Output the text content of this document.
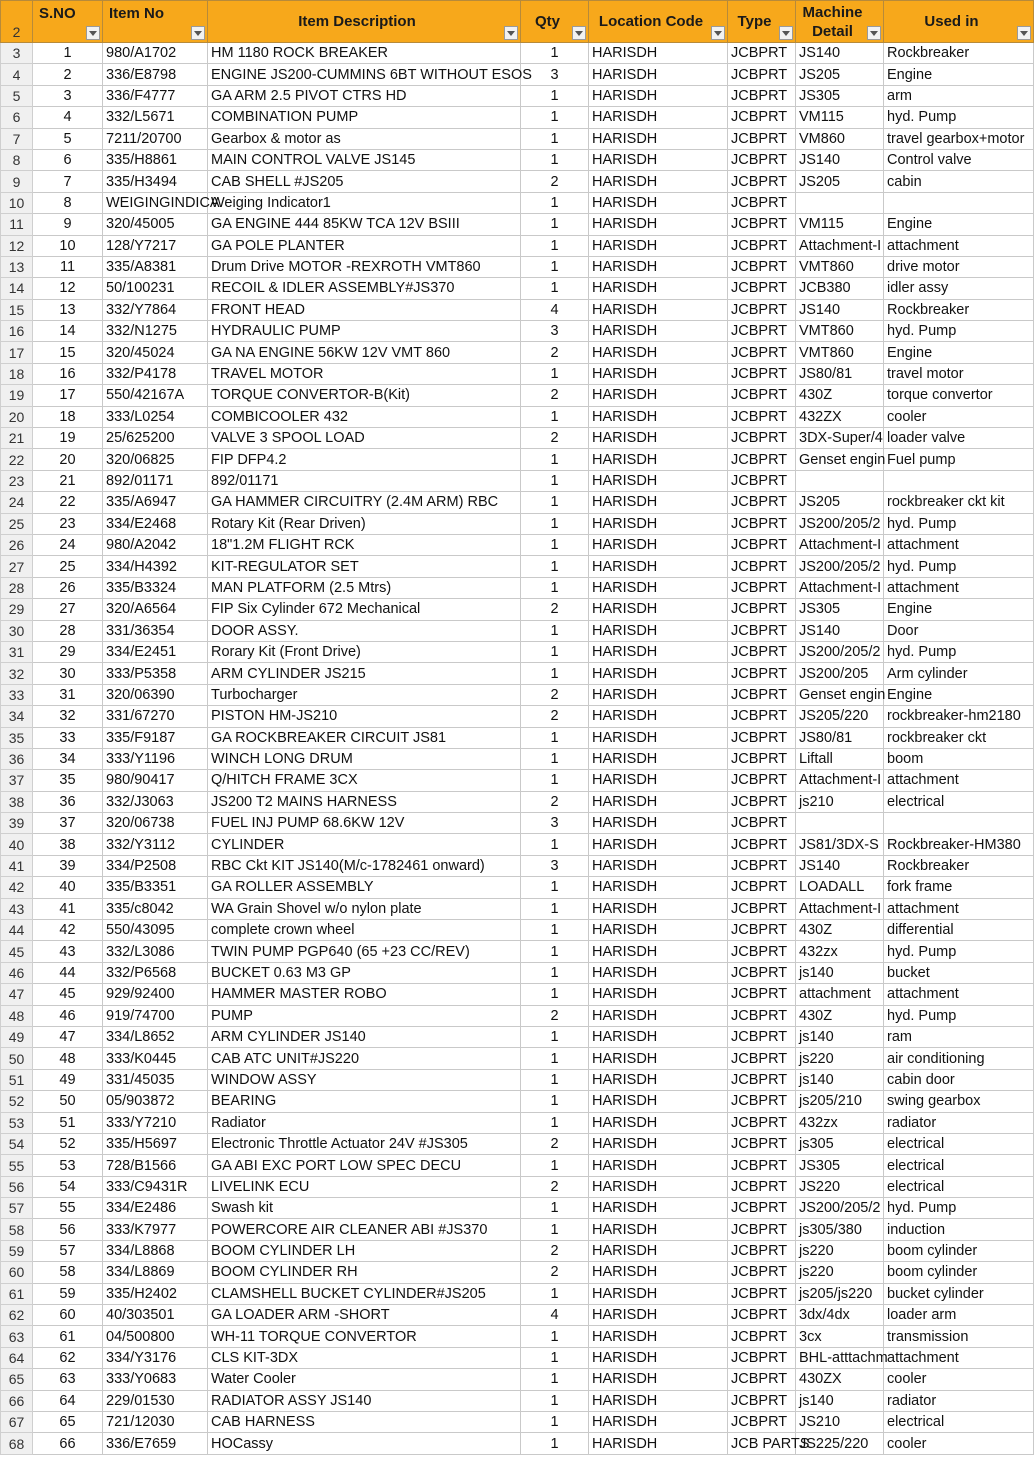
2	S.NO	Item No	Item Description	Qty	Location Code	Type	Machine Detail	Used in

3	1	980/A1702	HM 1180 ROCK BREAKER	1	HARISDH	JCBPRT	JS140	Rockbreaker
4	2	336/E8798	ENGINE JS200-CUMMINS 6BT WITHOUT ESOS	3	HARISDH	JCBPRT	JS205	Engine
5	3	336/F4777	GA ARM 2.5 PIVOT CTRS HD	1	HARISDH	JCBPRT	JS305	arm
6	4	332/L5671	COMBINATION PUMP	1	HARISDH	JCBPRT	VM115	hyd. Pump
7	5	7211/20700	Gearbox & motor as	1	HARISDH	JCBPRT	VM860	travel gearbox+motor
8	6	335/H8861	MAIN CONTROL VALVE JS145	1	HARISDH	JCBPRT	JS140	Control valve
9	7	335/H3494	CAB SHELL #JS205	2	HARISDH	JCBPRT	JS205	cabin
10	8	WEIGINGINDICA	Weiging Indicator1	1	HARISDH	JCBPRT		
11	9	320/45005	GA ENGINE 444 85KW TCA 12V BSIII	1	HARISDH	JCBPRT	VM115	Engine
12	10	128/Y7217	GA POLE PLANTER	1	HARISDH	JCBPRT	Attachment-I	attachment
13	11	335/A8381	Drum Drive MOTOR -REXROTH VMT860	1	HARISDH	JCBPRT	VMT860	drive motor
14	12	50/100231	RECOIL & IDLER ASSEMBLY#JS370	1	HARISDH	JCBPRT	JCB380	idler assy
15	13	332/Y7864	FRONT HEAD	4	HARISDH	JCBPRT	JS140	Rockbreaker
16	14	332/N1275	HYDRAULIC PUMP	3	HARISDH	JCBPRT	VMT860	hyd. Pump
17	15	320/45024	GA NA ENGINE 56KW 12V VMT 860	2	HARISDH	JCBPRT	VMT860	Engine
18	16	332/P4178	TRAVEL MOTOR	1	HARISDH	JCBPRT	JS80/81	travel motor
19	17	550/42167A	TORQUE CONVERTOR-B(Kit)	2	HARISDH	JCBPRT	430Z	torque convertor
20	18	333/L0254	COMBICOOLER 432	1	HARISDH	JCBPRT	432ZX	cooler
21	19	25/625200	VALVE 3 SPOOL LOAD	2	HARISDH	JCBPRT	3DX-Super/4	loader valve
22	20	320/06825	FIP DFP4.2	1	HARISDH	JCBPRT	Genset engin	Fuel pump
23	21	892/01171	892/01171	1	HARISDH	JCBPRT		
24	22	335/A6947	GA HAMMER CIRCUITRY (2.4M ARM) RBC	1	HARISDH	JCBPRT	JS205	rockbreaker ckt kit
25	23	334/E2468	Rotary Kit (Rear Driven)	1	HARISDH	JCBPRT	JS200/205/2	hyd. Pump
26	24	980/A2042	18"1.2M FLIGHT RCK	1	HARISDH	JCBPRT	Attachment-I	attachment
27	25	334/H4392	KIT-REGULATOR SET	1	HARISDH	JCBPRT	JS200/205/2	hyd. Pump
28	26	335/B3324	MAN PLATFORM (2.5 Mtrs)	1	HARISDH	JCBPRT	Attachment-I	attachment
29	27	320/A6564	FIP Six Cylinder 672 Mechanical	2	HARISDH	JCBPRT	JS305	Engine
30	28	331/36354	DOOR ASSY.	1	HARISDH	JCBPRT	JS140	Door
31	29	334/E2451	Rorary Kit (Front Drive)	1	HARISDH	JCBPRT	JS200/205/2	hyd. Pump
32	30	333/P5358	ARM CYLINDER JS215	1	HARISDH	JCBPRT	JS200/205	Arm cylinder
33	31	320/06390	Turbocharger	2	HARISDH	JCBPRT	Genset engin	Engine
34	32	331/67270	PISTON HM-JS210	2	HARISDH	JCBPRT	JS205/220	rockbreaker-hm2180
35	33	335/F9187	GA ROCKBREAKER CIRCUIT JS81	1	HARISDH	JCBPRT	JS80/81	rockbreaker ckt
36	34	333/Y1196	WINCH LONG DRUM	1	HARISDH	JCBPRT	Liftall	boom
37	35	980/90417	Q/HITCH FRAME 3CX	1	HARISDH	JCBPRT	Attachment-I	attachment
38	36	332/J3063	JS200 T2 MAINS HARNESS	2	HARISDH	JCBPRT	js210	electrical
39	37	320/06738	FUEL INJ PUMP 68.6KW 12V	3	HARISDH	JCBPRT		
40	38	332/Y3112	CYLINDER	1	HARISDH	JCBPRT	JS81/3DX-S	Rockbreaker-HM380
41	39	334/P2508	RBC Ckt KIT JS140(M/c-1782461 onward)	3	HARISDH	JCBPRT	JS140	Rockbreaker
42	40	335/B3351	GA ROLLER ASSEMBLY	1	HARISDH	JCBPRT	LOADALL	fork frame
43	41	335/c8042	WA Grain Shovel w/o nylon plate	1	HARISDH	JCBPRT	Attachment-I	attachment
44	42	550/43095	complete crown wheel	1	HARISDH	JCBPRT	430Z	differential
45	43	332/L3086	TWIN PUMP PGP640 (65 +23 CC/REV)	1	HARISDH	JCBPRT	432zx	hyd. Pump
46	44	332/P6568	BUCKET 0.63 M3 GP	1	HARISDH	JCBPRT	js140	bucket
47	45	929/92400	HAMMER MASTER ROBO	1	HARISDH	JCBPRT	attachment	attachment
48	46	919/74700	PUMP	2	HARISDH	JCBPRT	430Z	hyd. Pump
49	47	334/L8652	ARM CYLINDER JS140	1	HARISDH	JCBPRT	js140	ram
50	48	333/K0445	CAB ATC UNIT#JS220	1	HARISDH	JCBPRT	js220	air conditioning
51	49	331/45035	WINDOW ASSY	1	HARISDH	JCBPRT	js140	cabin door
52	50	05/903872	BEARING	1	HARISDH	JCBPRT	js205/210	swing gearbox
53	51	333/Y7210	Radiator	1	HARISDH	JCBPRT	432zx	radiator
54	52	335/H5697	Electronic Throttle Actuator 24V #JS305	2	HARISDH	JCBPRT	js305	electrical
55	53	728/B1566	GA ABI EXC PORT LOW SPEC DECU	1	HARISDH	JCBPRT	JS305	electrical
56	54	333/C9431R	LIVELINK ECU	2	HARISDH	JCBPRT	JS220	electrical
57	55	334/E2486	Swash kit	1	HARISDH	JCBPRT	JS200/205/2	hyd. Pump
58	56	333/K7977	POWERCORE AIR CLEANER ABI #JS370	1	HARISDH	JCBPRT	js305/380	induction
59	57	334/L8868	BOOM CYLINDER LH	2	HARISDH	JCBPRT	js220	boom cylinder
60	58	334/L8869	BOOM CYLINDER RH	2	HARISDH	JCBPRT	js220	boom cylinder
61	59	335/H2402	CLAMSHELL BUCKET CYLINDER#JS205	1	HARISDH	JCBPRT	js205/js220	bucket cylinder
62	60	40/303501	GA LOADER ARM -SHORT	4	HARISDH	JCBPRT	3dx/4dx	loader arm
63	61	04/500800	WH-11 TORQUE CONVERTOR	1	HARISDH	JCBPRT	3cx	transmission
64	62	334/Y3176	CLS KIT-3DX	1	HARISDH	JCBPRT	BHL-atttachm	attachment
65	63	333/Y0683	Water Cooler	1	HARISDH	JCBPRT	430ZX	cooler
66	64	229/01530	RADIATOR ASSY JS140	1	HARISDH	JCBPRT	js140	radiator
67	65	721/12030	CAB HARNESS	1	HARISDH	JCBPRT	JS210	electrical
68	66	336/E7659	HOCassy	1	HARISDH	JCB PARTS	JS225/220	cooler
